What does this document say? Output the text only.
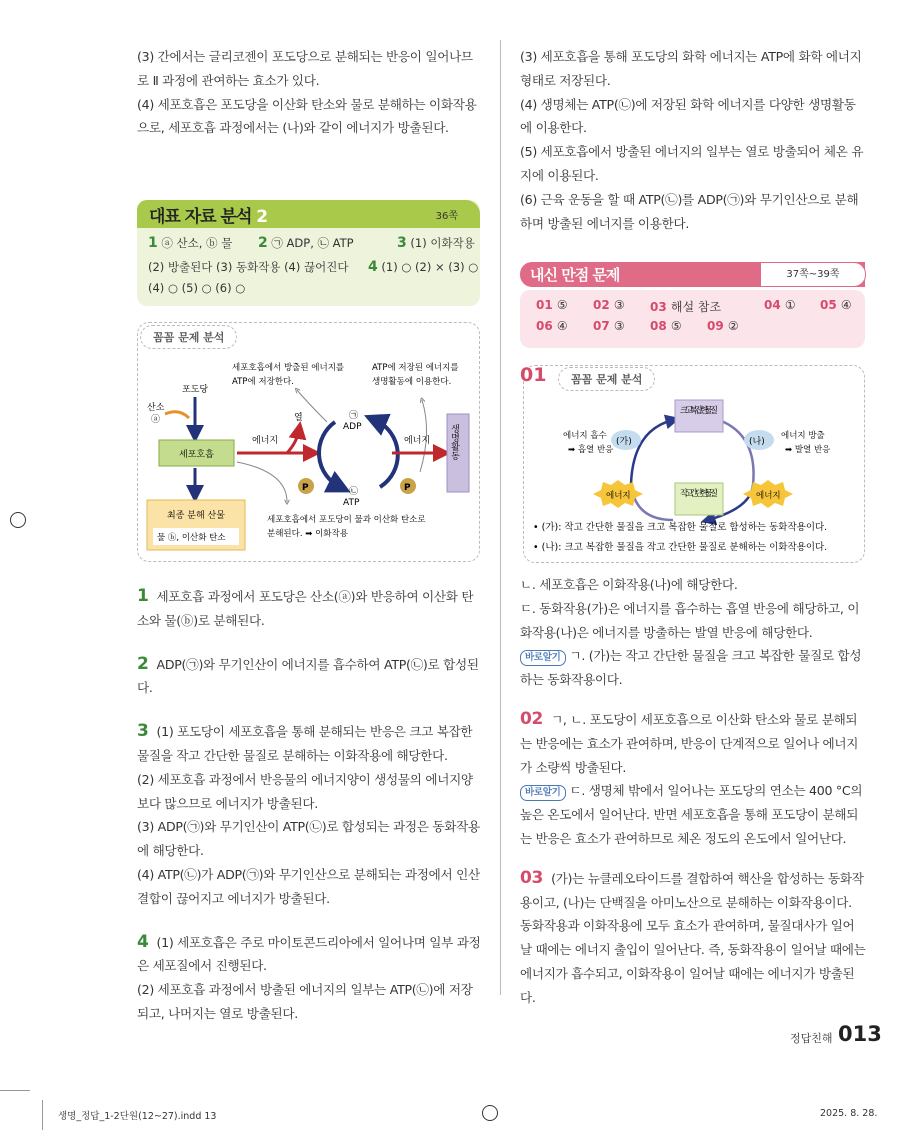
(3) 간에서는 글리코젠이 포도당으로 분해되는 반응이 일어나므로 Ⅱ 과정에 관여하는 효소가 있다.

(4) 세포호흡은 포도당을 이산화 탄소와 물로 분해하는 이화작용으로, 세포호흡 과정에서는 (나)와 같이 에너지가 방출된다.

대표 자료 분석 2	36쪽
1 ⓐ 산소, ⓑ 물 2 ㉠ ADP, ㉡ ATP	3 (1) 이화작용
(2) 방출된다 (3) 동화작용 (4) 끊어진다 4 (1) ○ (2) × (3) ○
(4) ○ (5) ○ (6) ○
꼼꼼 문제 분석
포도당
산소
ⓐ
세포호흡
최종 분해 산물
물 ⓑ, 이산화 탄소
에너지
열
세포호흡에서 방출된 에너지를
ATP에 저장한다.
ATP에 저장된 에너지를
생명활동에 이용한다.
㉠
ADP
㉡
ATP
P	P
에너지 생명활동
세포호흡에서 포도당이 물과 이산화 탄소로
분해된다. ➡ 이화작용

1 세포호흡 과정에서 포도당은 산소(ⓐ)와 반응하여 이산화 탄소와 물(ⓑ)로 분해된다.

2 ADP(㉠)와 무기인산이 에너지를 흡수하여 ATP(㉡)로 합성된다.

3 (1) 포도당이 세포호흡을 통해 분해되는 반응은 크고 복잡한 물질을 작고 간단한 물질로 분해하는 이화작용에 해당한다.

(2) 세포호흡 과정에서 반응물의 에너지양이 생성물의 에너지양보다 많으므로 에너지가 방출된다.

(3) ADP(㉠)와 무기인산이 ATP(㉡)로 합성되는 과정은 동화작용에 해당한다.

(4) ATP(㉡)가 ADP(㉠)와 무기인산으로 분해되는 과정에서 인산 결합이 끊어지고 에너지가 방출된다.

4 (1) 세포호흡은 주로 마이토콘드리아에서 일어나며 일부 과정은 세포질에서 진행된다.

(2) 세포호흡 과정에서 방출된 에너지의 일부는 ATP(㉡)에 저장되고, 나머지는 열로 방출된다.

(3) 세포호흡을 통해 포도당의 화학 에너지는 ATP에 화학 에너지 형태로 저장된다.

(4) 생명체는 ATP(㉡)에 저장된 화학 에너지를 다양한 생명활동에 이용한다.

(5) 세포호흡에서 방출된 에너지의 일부는 열로 방출되어 체온 유지에 이용된다.

(6) 근육 운동을 할 때 ATP(㉡)를 ADP(㉠)와 무기인산으로 분해하며 방출된 에너지를 이용한다.

내신 만점 문제	37쪽~39쪽
01 ⑤ 02 ③ 03 해설 참조	04 ① 05 ④
06 ④ 07 ③ 08 ⑤ 09 ②
01	꼼꼼 문제 분석
크고 복잡한 물질
작고 간단한 물질
(가)	(나)
에너지 흡수
➡ 흡열 반응
에너지 방출
➡ 발열 반응
에너지	에너지
• (가): 작고 간단한 물질을 크고 복잡한 물질로 합성하는 동화작용이다.
• (나): 크고 복잡한 물질을 작고 간단한 물질로 분해하는 이화작용이다.

ㄴ. 세포호흡은 이화작용(나)에 해당한다.

ㄷ. 동화작용(가)은 에너지를 흡수하는 흡열 반응에 해당하고, 이화작용(나)은 에너지를 방출하는 발열 반응에 해당한다.

바로알기 ㄱ. (가)는 작고 간단한 물질을 크고 복잡한 물질로 합성하는 동화작용이다.

02 ㄱ, ㄴ. 포도당이 세포호흡으로 이산화 탄소와 물로 분해되는 반응에는 효소가 관여하며, 반응이 단계적으로 일어나 에너지가 소량씩 방출된다.

바로알기 ㄷ. 생명체 밖에서 일어나는 포도당의 연소는 400 °C의 높은 온도에서 일어난다. 반면 세포호흡을 통해 포도당이 분해되는 반응은 효소가 관여하므로 체온 정도의 온도에서 일어난다.

03 (가)는 뉴클레오타이드를 결합하여 핵산을 합성하는 동화작용이고, (나)는 단백질을 아미노산으로 분해하는 이화작용이다. 동화작용과 이화작용에 모두 효소가 관여하며, 물질대사가 일어날 때에는 에너지 출입이 일어난다. 즉, 동화작용이 일어날 때에는 에너지가 흡수되고, 이화작용이 일어날 때에는 에너지가 방출된다.

정답친해 013
생명_정답_1-2단원(12~27).indd 13	2025. 8. 28.
